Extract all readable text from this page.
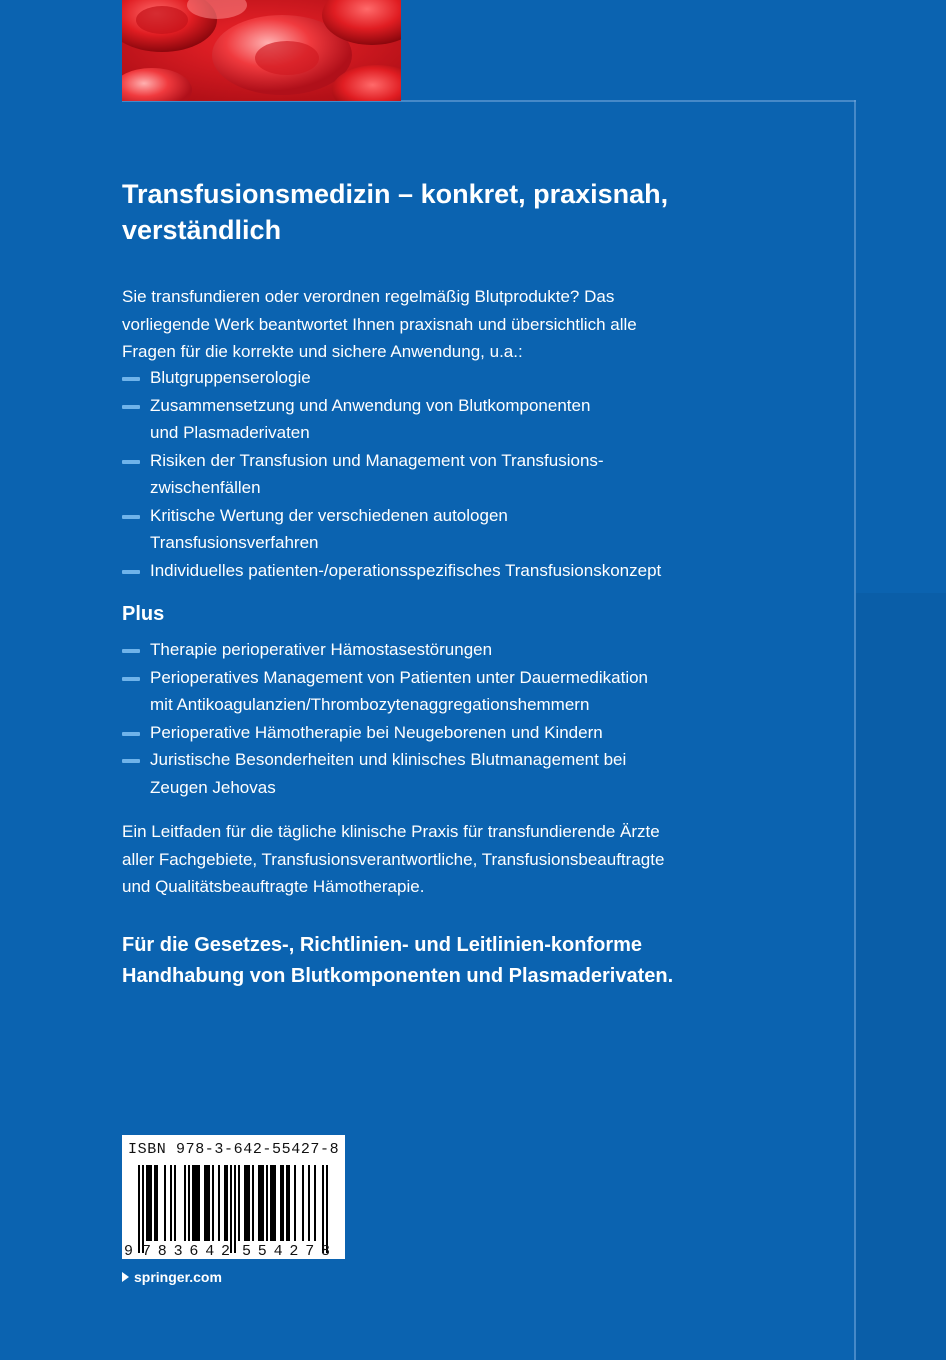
Transfusionsmedizin – konkret, praxisnah,
verständlich

Sie transfundieren oder verordnen regelmäßig Blutprodukte? Das
vorliegende Werk beantwortet Ihnen praxisnah und übersichtlich alle
Fragen für die korrekte und sichere Anwendung, u.a.:

Blutgruppenserologie
Zusammensetzung und Anwendung von Blutkomponenten
und Plasmaderivaten
Risiken der Transfusion und Management von Transfusions-
zwischenfällen
Kritische Wertung der verschiedenen autologen
Transfusionsverfahren
Individuelles patienten-/operationsspezifisches Transfusionskonzept
Plus
Therapie perioperativer Hämostasestörungen
Perioperatives Management von Patienten unter Dauermedikation
mit Antikoagulanzien/Thrombozytenaggregationshemmern
Perioperative Hämotherapie bei Neugeborenen und Kindern
Juristische Besonderheiten und klinisches Blutmanagement bei
Zeugen Jehovas

Ein Leitfaden für die tägliche klinische Praxis für transfundierende Ärzte
aller Fachgebiete, Transfusionsverantwortliche, Transfusionsbeauftragte
und Qualitätsbeauftragte Hämotherapie.

Für die Gesetzes-, Richtlinien- und Leitlinien-konforme
Handhabung von Blutkomponenten und Plasmaderivaten.

ISBN 978-3-642-55427-8
9 783642 554278
springer.com
